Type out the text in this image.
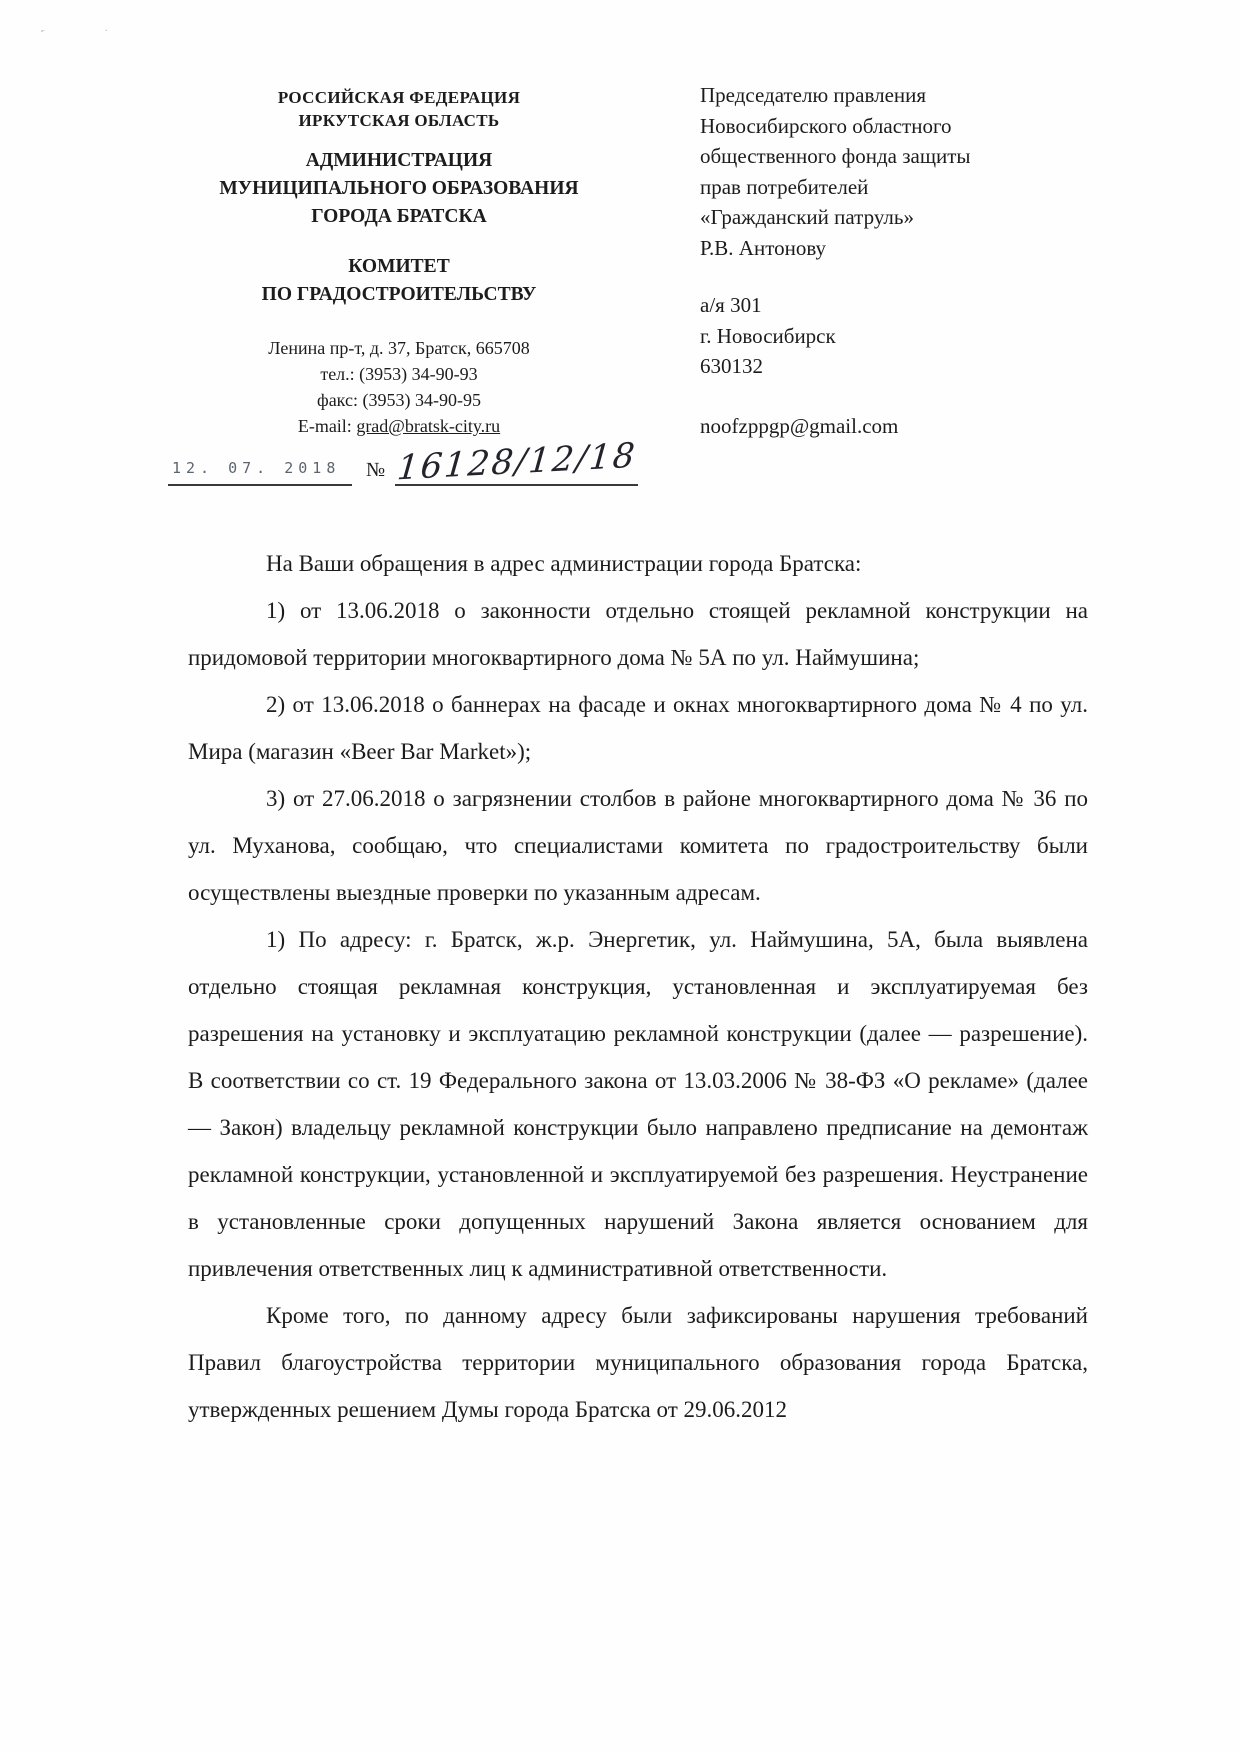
ʻ	˙
РОССИЙСКАЯ ФЕДЕРАЦИЯ
ИРКУТСКАЯ ОБЛАСТЬ
АДМИНИСТРАЦИЯ
МУНИЦИПАЛЬНОГО ОБРАЗОВАНИЯ
ГОРОДА БРАТСКА
КОМИТЕТ
ПО ГРАДОСТРОИТЕЛЬСТВУ
Ленина пр-т, д. 37, Братск, 665708
тел.: (3953) 34-90-93
факс: (3953) 34-90-95
E-mail: grad@bratsk-city.ru
12. 07. 2018	№ 16128/12/18
Председателю правления
Новосибирского областного
общественного фонда защиты
прав потребителей
«Гражданский патруль»
Р.В. Антонову
а/я 301
г. Новосибирск
630132
noofzppgp@gmail.com

На Ваши обращения в адрес администрации города Братска:

1) от 13.06.2018 о законности отдельно стоящей рекламной конструкции на придомовой территории многоквартирного дома № 5А по ул. Наймушина;

2) от 13.06.2018 о баннерах на фасаде и окнах многоквартирного дома № 4 по ул. Мира (магазин «Beer Bar Market»);

3) от 27.06.2018 о загрязнении столбов в районе многоквартирного дома № 36 по ул. Муханова, сообщаю, что специалистами комитета по градостроительству были осуществлены выездные проверки по указанным адресам.

1) По адресу: г. Братск, ж.р. Энергетик, ул. Наймушина, 5А, была выявлена отдельно стоящая рекламная конструкция, установленная и эксплуатируемая без разрешения на установку и эксплуатацию рекламной конструкции (далее — разрешение). В соответствии со ст. 19 Федерального закона от 13.03.2006 № 38-ФЗ «О рекламе» (далее — Закон) владельцу рекламной конструкции было направлено предписание на демонтаж рекламной конструкции, установленной и эксплуатируемой без разрешения. Неустранение в установленные сроки допущенных нарушений Закона является основанием для привлечения ответственных лиц к административной ответственности.

Кроме того, по данному адресу были зафиксированы нарушения требований Правил благоустройства территории муниципального образования города Братска, утвержденных решением Думы города Братска от 29.06.2012
